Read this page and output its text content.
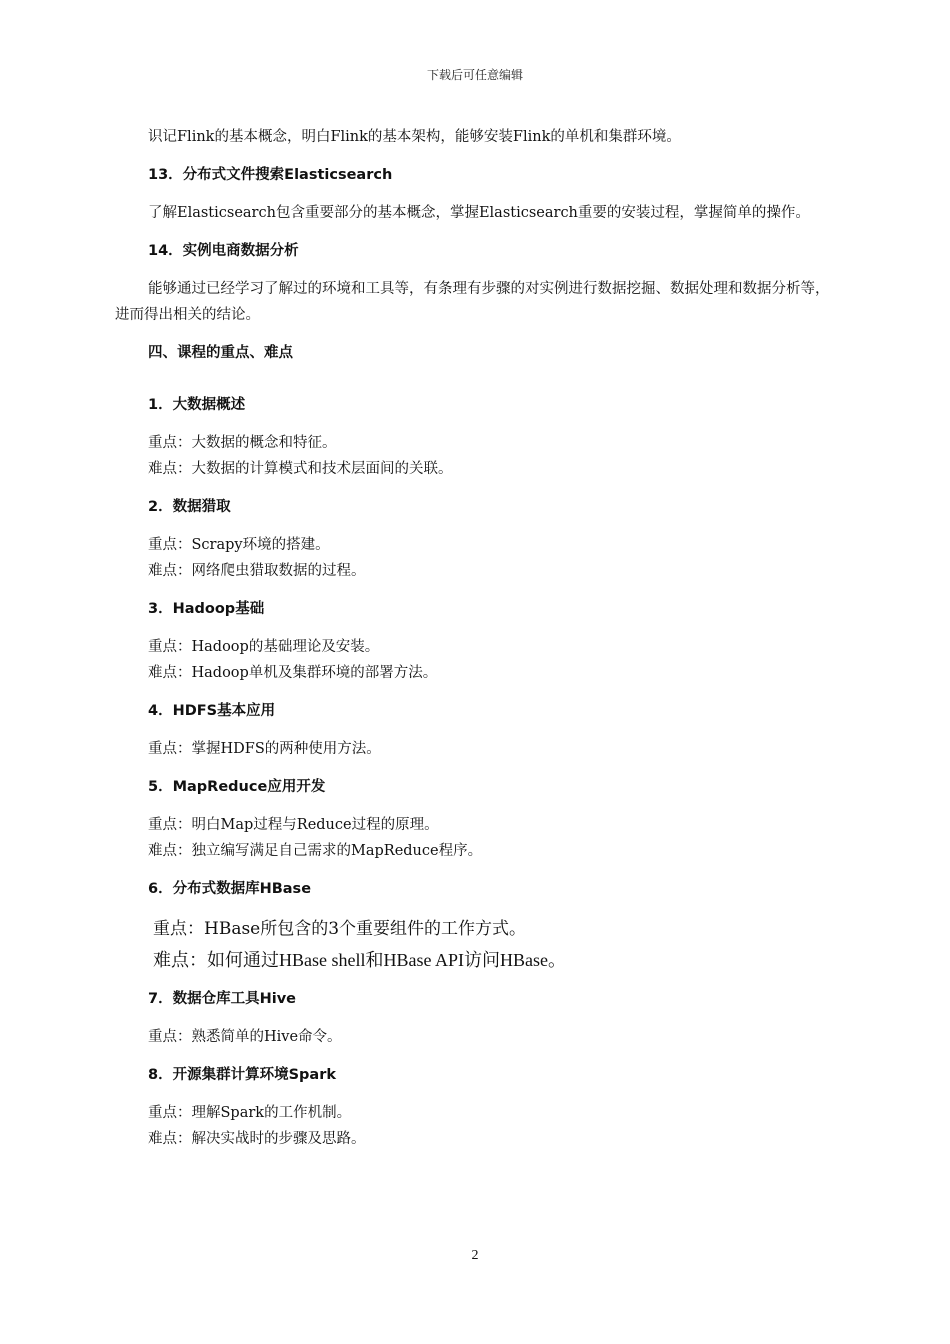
下载后可任意编辑

识记Flink的基本概念，明白Flink的基本架构，能够安装Flink的单机和集群环境。

13．分布式文件搜索Elasticsearch

了解Elasticsearch包含重要部分的基本概念，掌握Elasticsearch重要的安装过程，掌握简单的操作。

14．实例电商数据分析

能够通过已经学习了解过的环境和工具等，有条理有步骤的对实例进行数据挖掘、数据处理和数据分析等，进而得出相关的结论。

四、课程的重点、难点

1．大数据概述

重点：大数据的概念和特征。

难点：大数据的计算模式和技术层面间的关联。

2．数据猎取

重点：Scrapy环境的搭建。

难点：网络爬虫猎取数据的过程。

3．Hadoop基础

重点：Hadoop的基础理论及安装。

难点：Hadoop单机及集群环境的部署方法。

4．HDFS基本应用

重点：掌握HDFS的两种使用方法。

5．MapReduce应用开发

重点：明白Map过程与Reduce过程的原理。

难点：独立编写满足自己需求的MapReduce程序。

6．分布式数据库HBase

重点：HBase所包含的3个重要组件的工作方式。

难点：如何通过HBase shell和HBase API访问HBase。

7．数据仓库工具Hive

重点：熟悉简单的Hive命令。

8．开源集群计算环境Spark

重点：理解Spark的工作机制。

难点：解决实战时的步骤及思路。

2
